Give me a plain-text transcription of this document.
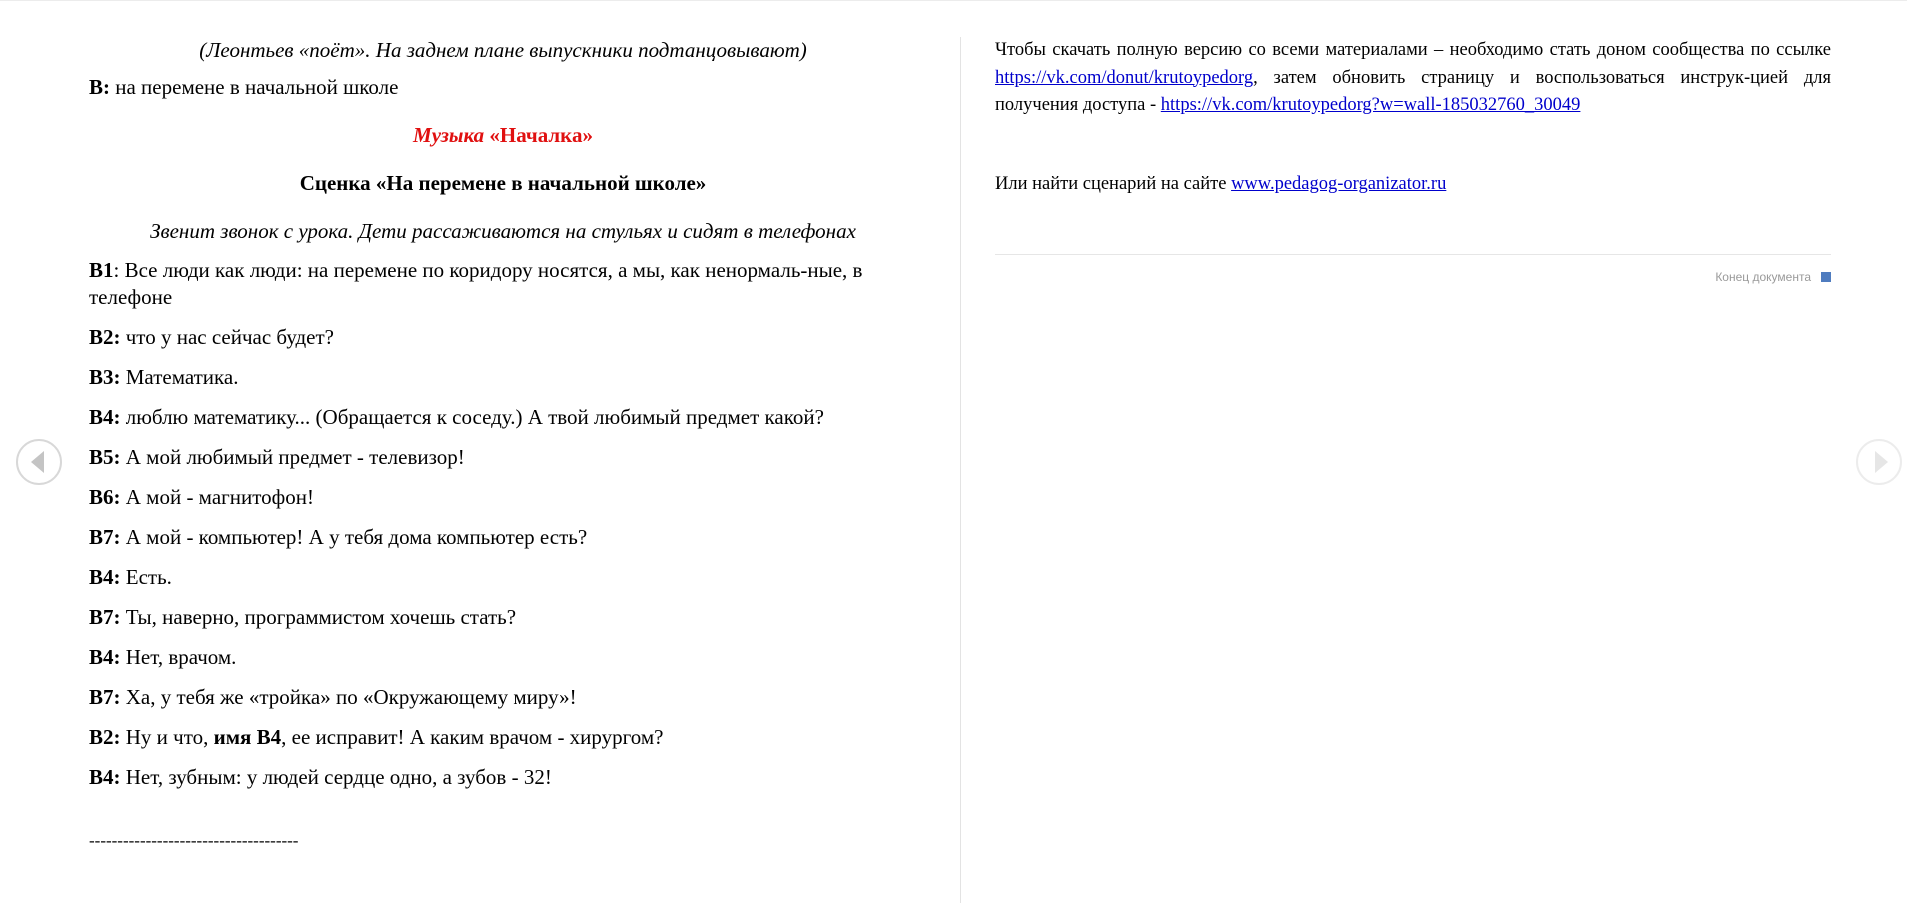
(Леонтьев «поёт». На заднем плане выпускники подтанцовывают)

В: на перемене в начальной школе

Музыка «Началка»
Сценка «На перемене в начальной школе»
Звенит звонок с урока. Дети рассаживаются на стульях и сидят в телефонах

В1: Все люди как люди: на перемене по коридору носятся, а мы, как ненормаль-ные, в телефоне

В2: что у нас сейчас будет?

В3: Математика.

В4: люблю математику... (Обращается к соседу.) А твой любимый предмет какой?

В5: А мой любимый предмет - телевизор!

В6: А мой - магнитофон!

В7: А мой - компьютер! А у тебя дома компьютер есть?

В4: Есть.

В7: Ты, наверно, программистом хочешь стать?

В4: Нет, врачом.

В7: Ха, у тебя же «тройка» по «Окружающему миру»!

В2: Ну и что, имя В4, ее исправит! А каким врачом - хирургом?

В4: Нет, зубным: у людей сердце одно, а зубов - 32!

-------------------------------------

Чтобы скачать полную версию со всеми материалами – необходимо стать доном сообщества по ссылке https://vk.com/donut/krutoypedorg, затем обновить страницу и воспользоваться инструк-цией для получения доступа - https://vk.com/krutoypedorg?w=wall-185032760_30049

Или найти сценарий на сайте www.pedagog-organizator.ru

Конец документа
